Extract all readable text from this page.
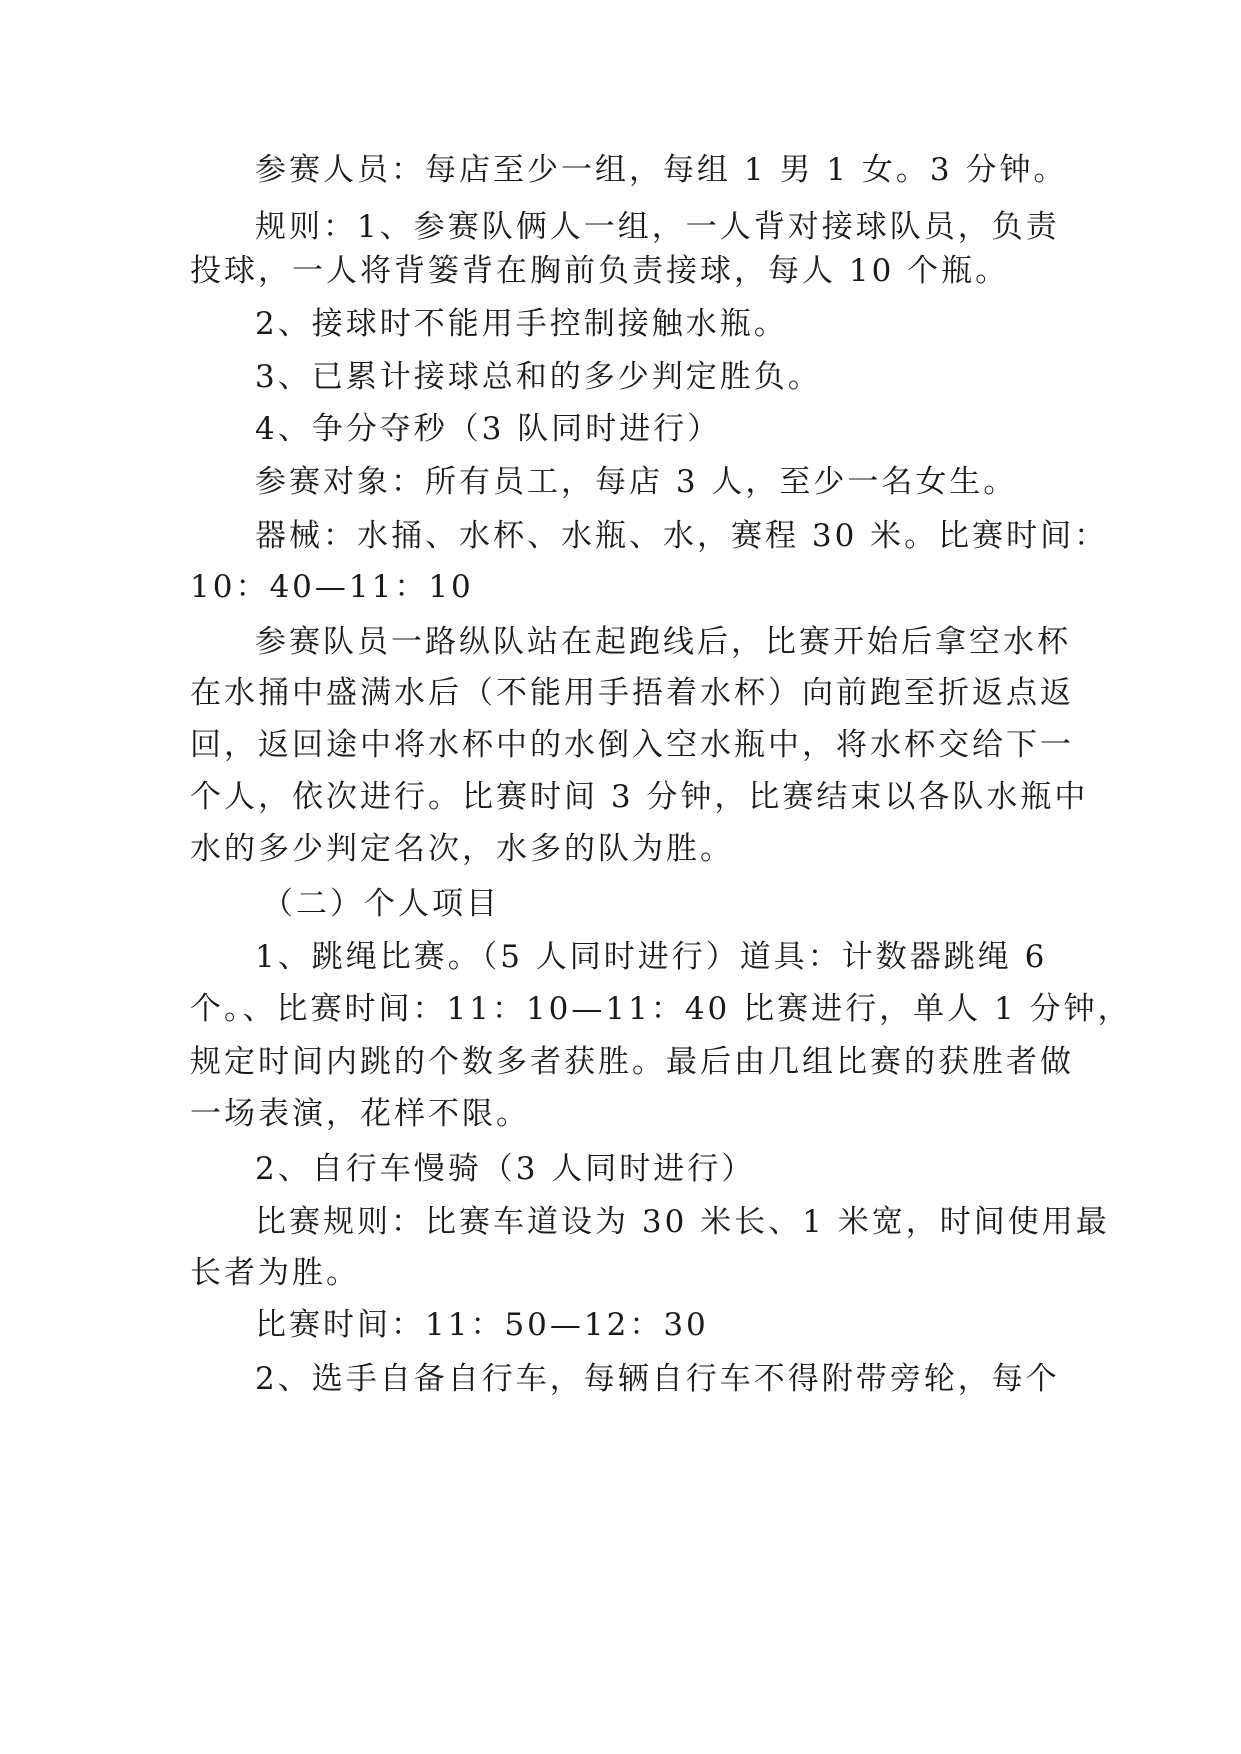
参赛人员：每店至少一组，每组 1 男 1 女。3 分钟。
规则：1、参赛队俩人一组，一人背对接球队员，负责
投球，一人将背篓背在胸前负责接球，每人 10 个瓶。
2、接球时不能用手控制接触水瓶。
3、已累计接球总和的多少判定胜负。
4、争分夺秒（3 队同时进行）
参赛对象：所有员工，每店 3 人，至少一名女生。
器械：水捅、水杯、水瓶、水，赛程 30 米。比赛时间：
10：40—11：10
参赛队员一路纵队站在起跑线后，比赛开始后拿空水杯
在水捅中盛满水后（不能用手捂着水杯）向前跑至折返点返
回，返回途中将水杯中的水倒入空水瓶中，将水杯交给下一
个人，依次进行。比赛时间 3 分钟，比赛结束以各队水瓶中
水的多少判定名次，水多的队为胜。
（二）个人项目
1、跳绳比赛。（5 人同时进行）道具：计数器跳绳 6
个。、比赛时间：11：10—11：40 比赛进行，单人 1 分钟，
规定时间内跳的个数多者获胜。最后由几组比赛的获胜者做
一场表演，花样不限。
2、自行车慢骑（3 人同时进行）
比赛规则：比赛车道设为 30 米长、1 米宽，时间使用最
长者为胜。
比赛时间：11：50—12：30
2、选手自备自行车，每辆自行车不得附带旁轮，每个
